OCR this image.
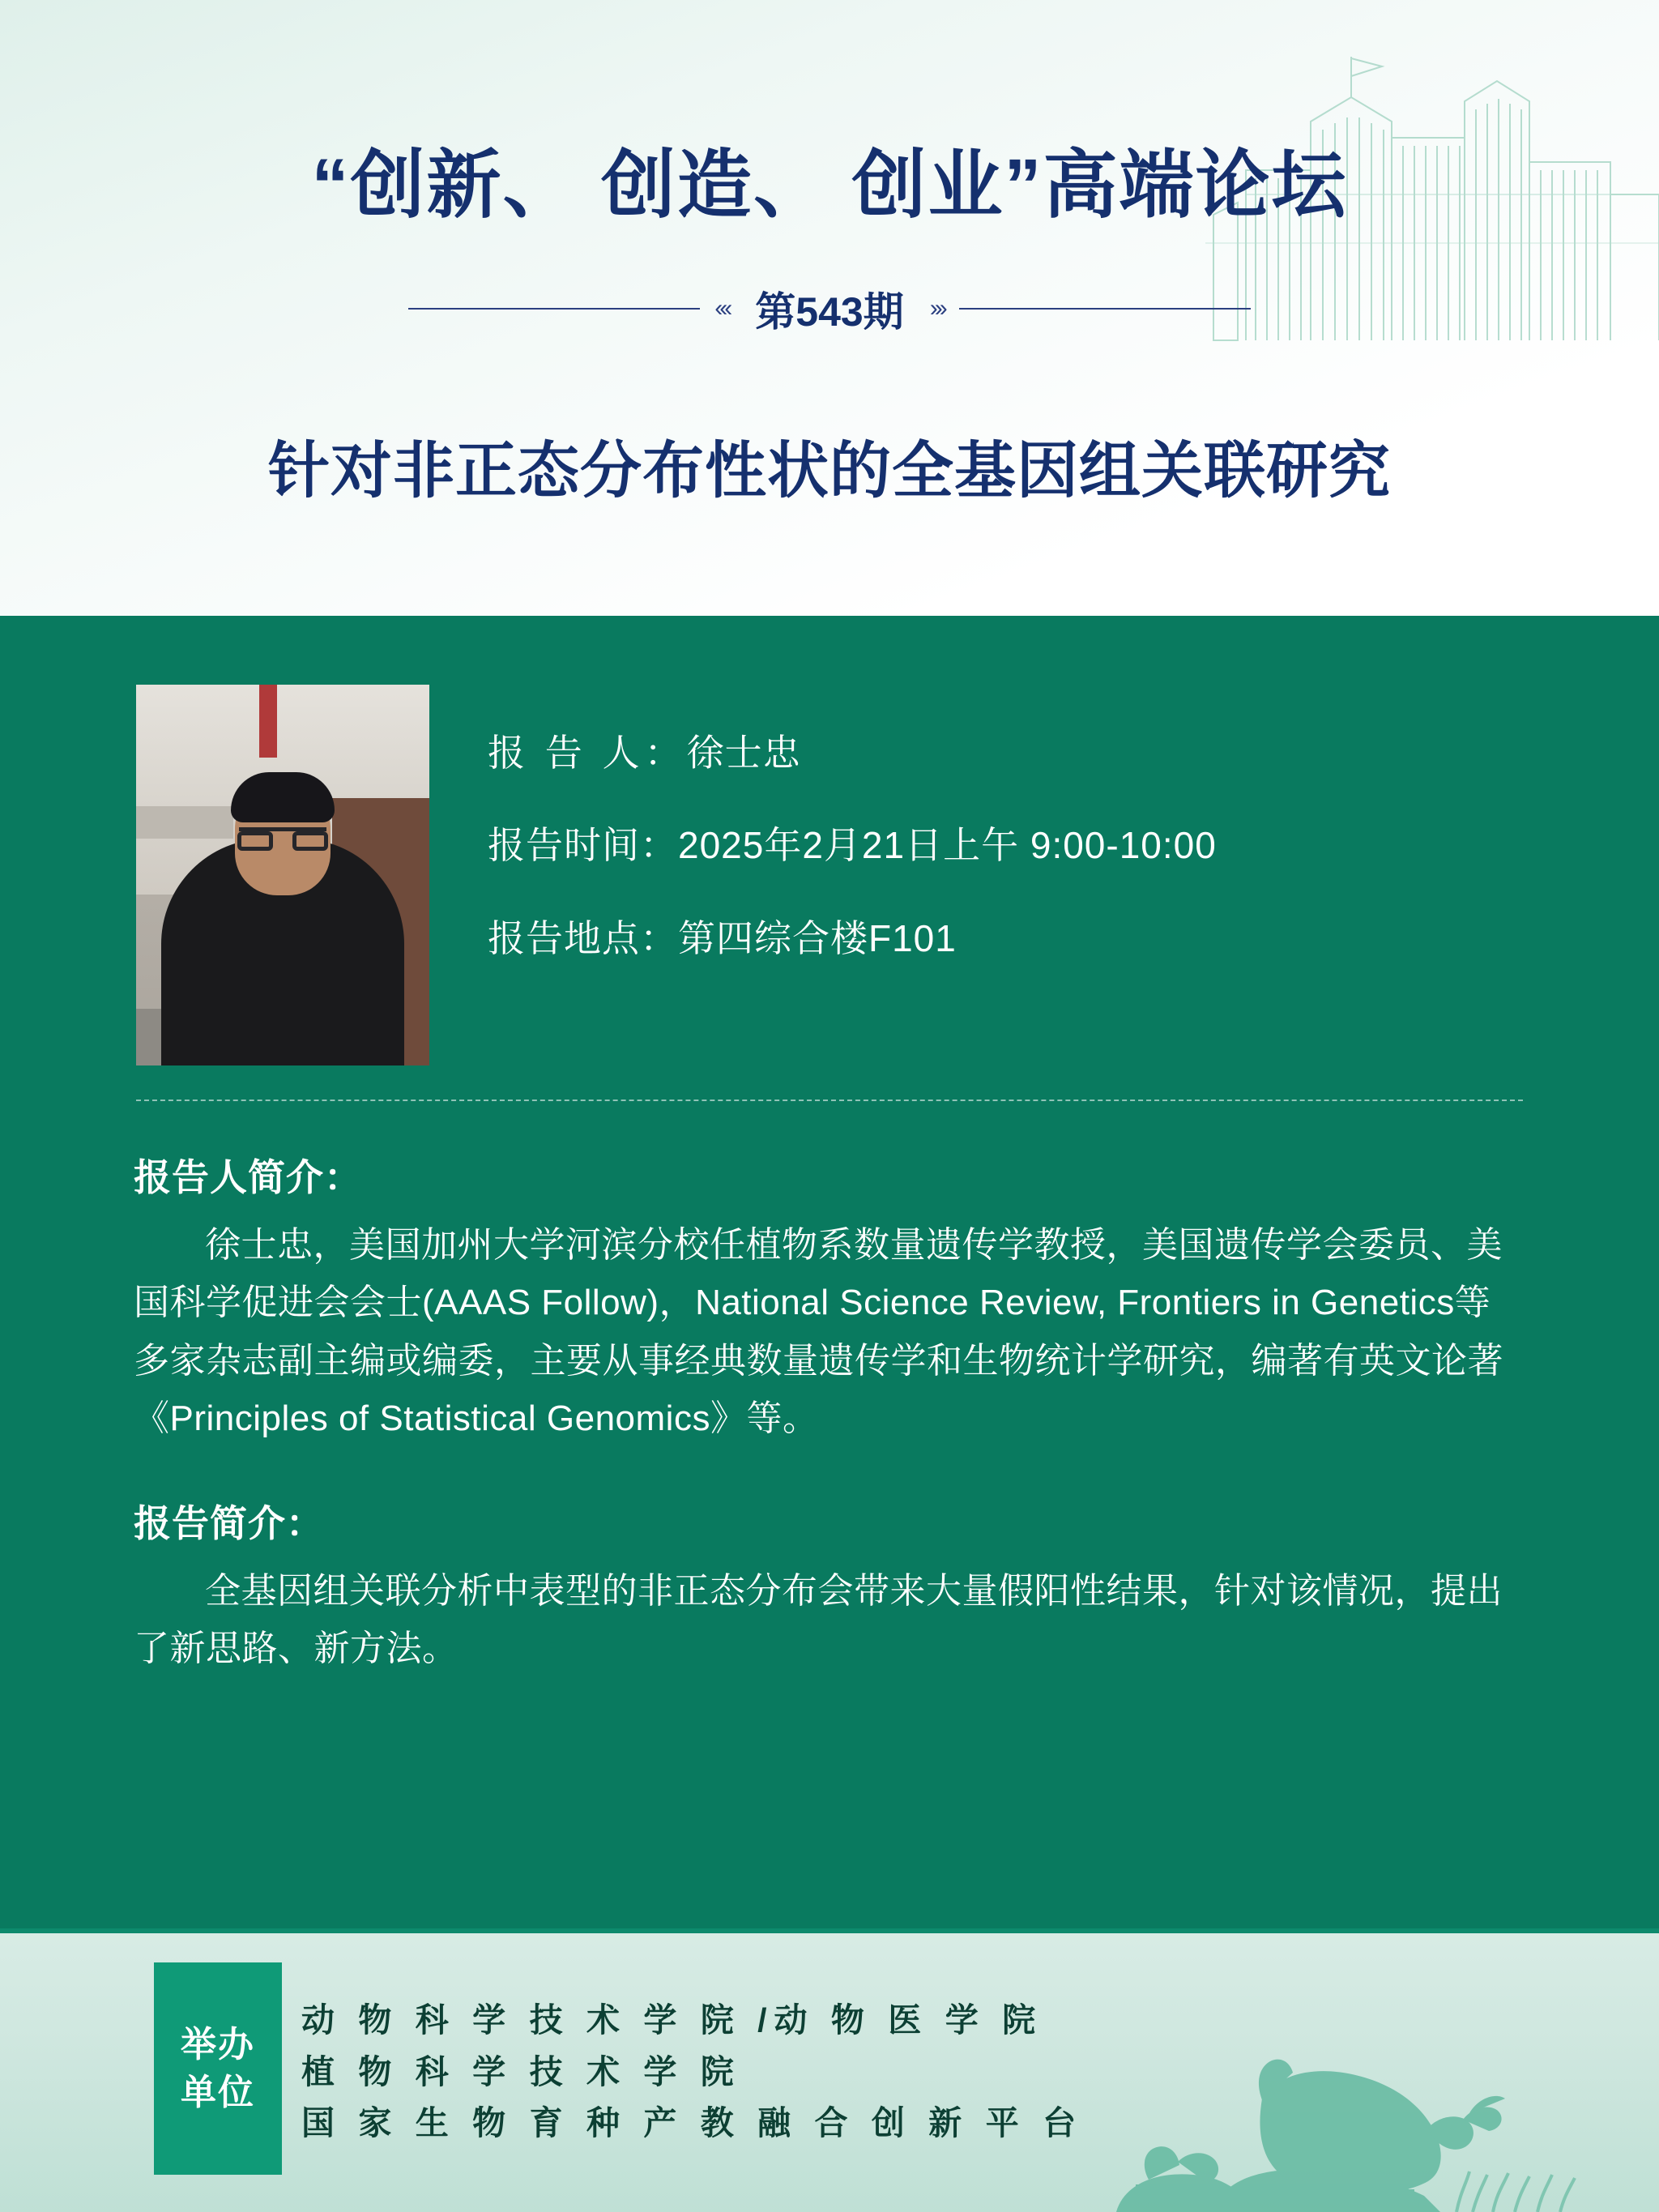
“创新、 创造、 创业”高端论坛
‹‹‹ 第543期	›››
针对非正态分布性状的全基因组关联研究
报 告 人：徐士忠
报告时间：2025年2月21日上午 9:00-10:00
报告地点：第四综合楼F101
报告人简介：
徐士忠，美国加州大学河滨分校任植物系数量遗传学教授，美国遗传学会委员、美国科学促进会会士(AAAS Follow)，National Science Review, Frontiers in Genetics等多家杂志副主编或编委，主要从事经典数量遗传学和生物统计学研究，编著有英文论著《Principles of Statistical Genomics》等。
报告简介：
全基因组关联分析中表型的非正态分布会带来大量假阳性结果，针对该情况，提出了新思路、新方法。
举办
单位
动 物 科 学 技 术 学 院 /动 物 医 学 院
植 物 科 学 技 术 学 院
国 家 生 物 育 种 产 教 融 合 创 新 平 台
